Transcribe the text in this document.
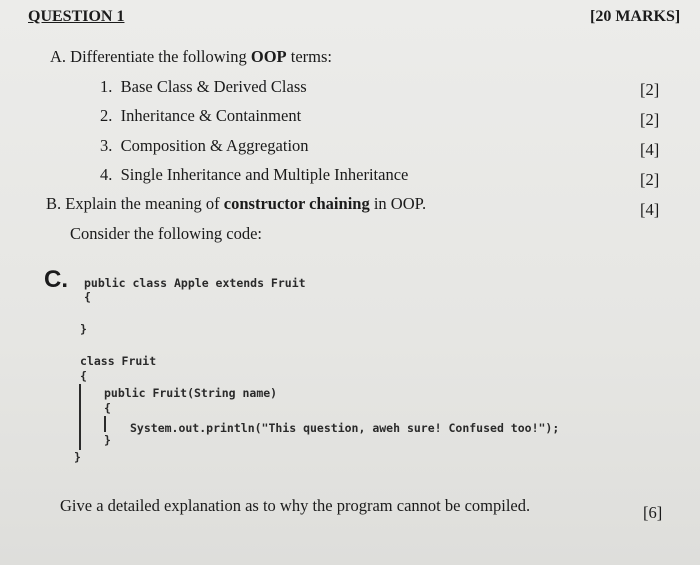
QUESTION 1	[20 MARKS]
A. Differentiate the following OOP terms:
1. Base Class & Derived Class	[2]
2. Inheritance & Containment	[2]
3. Composition & Aggregation	[4]
4. Single Inheritance and Multiple Inheritance	[2]
B. Explain the meaning of constructor chaining in OOP.	[4]
Consider the following code:
C. public class Apple extends Fruit
{
}
class Fruit
{
public Fruit(String name)
{
System.out.println("This question, aweh sure! Confused too!");
}
}
Give a detailed explanation as to why the program cannot be compiled.	[6]
